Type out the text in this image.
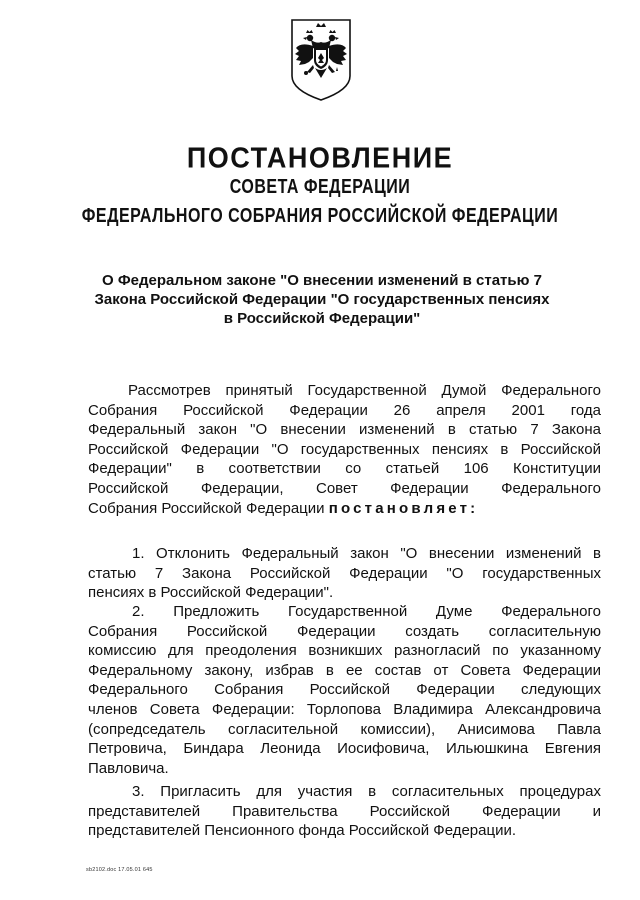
ПОСТАНОВЛЕНИЕ
СОВЕТА ФЕДЕРАЦИИ
ФЕДЕРАЛЬНОГО СОБРАНИЯ РОССИЙСКОЙ ФЕДЕРАЦИИ
О Федеральном законе "О внесении изменений в статью 7
Закона Российской Федерации "О государственных пенсиях
в Российской Федерации"
Рассмотрев принятый Государственной Думой Федерального
Собрания Российской Федерации 26 апреля 2001 года
Федеральный закон "О внесении изменений в статью 7 Закона
Российской Федерации "О государственных пенсиях в Российской
Федерации" в соответствии со статьей 106 Конституции
Российской Федерации, Совет Федерации Федерального
Собрания Российской Федерации постановляет:
1. Отклонить Федеральный закон "О внесении изменений в
статью 7 Закона Российской Федерации "О государственных
пенсиях в Российской Федерации".
2. Предложить Государственной Думе Федерального
Собрания Российской Федерации создать согласительную
комиссию для преодоления возникших разногласий по указанному
Федеральному закону, избрав в ее состав от Совета Федерации
Федерального Собрания Российской Федерации следующих
членов Совета Федерации: Торлопова Владимира Александровича
(сопредседатель согласительной комиссии), Анисимова Павла
Петровича, Биндара Леонида Иосифовича, Ильюшкина Евгения
Павловича.
3. Пригласить для участия в согласительных процедурах
представителей Правительства Российской Федерации и
представителей Пенсионного фонда Российской Федерации.
sb2102.doc 17.05.01 645
